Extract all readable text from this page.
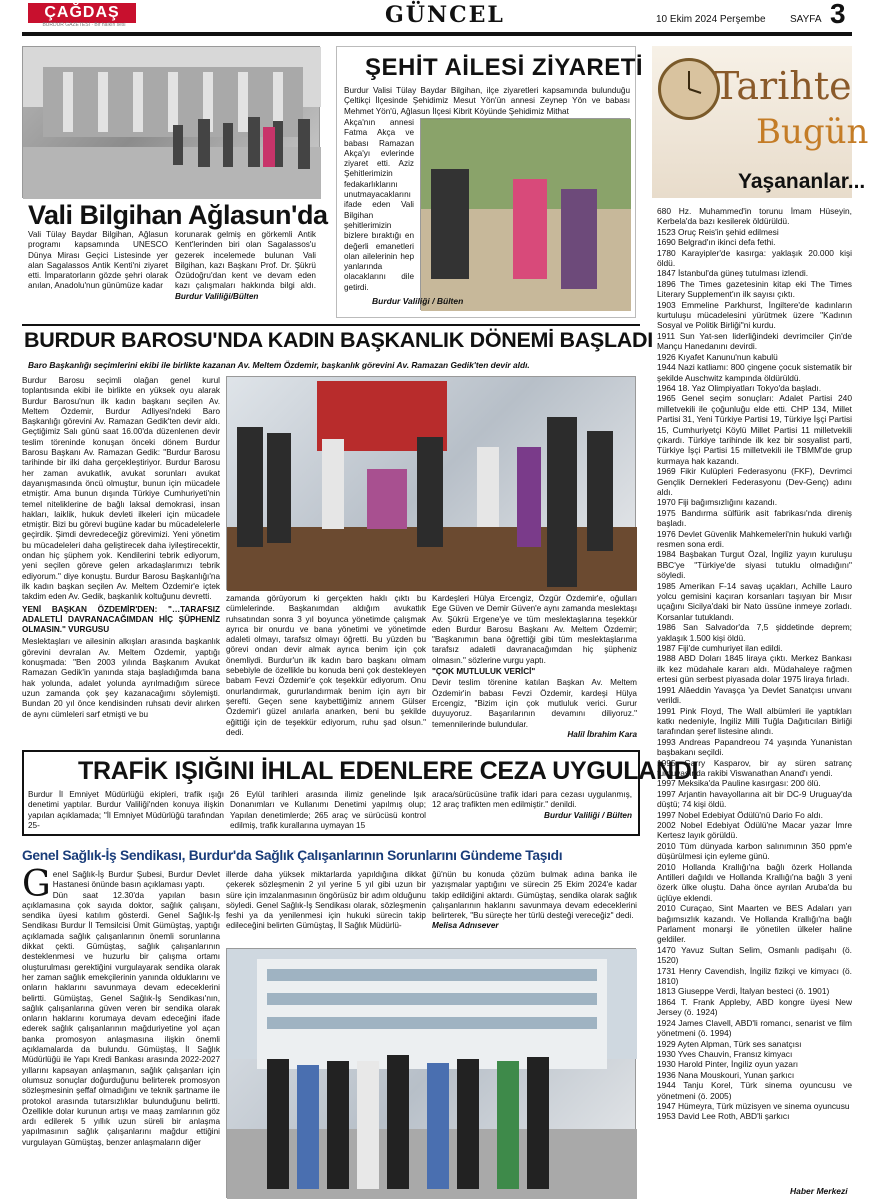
ÇAĞDAŞ
BURDUR GAZETESİ · Bir halkın sesi	GÜNCEL	10 Ekim 2024 Perşembe SAYFA 3
Vali Bilgihan Ağlasun'da
Vali Tülay Baydar Bilgihan, Ağlasun programı kapsamında UNESCO Dünya Mirası Geçici Listesinde yer alan Sagalassos Antik Kenti'ni ziyaret etti. İmparatorların gözde şehri olarak anılan, Anadolu'nun günümüze kadar
korunarak gelmiş en görkemli Antik Kent'lerinden biri olan Sagalassos'u gezerek incelemede bulunan Vali Bilgihan, kazı Başkanı Prof. Dr. Şükrü Özüdoğru'dan kent ve devam eden kazı çalışmaları hakkında bilgi aldı. Burdur Valiliği/Bülten
ŞEHİT AİLESİ ZİYARETİ
Burdur Valisi Tülay Baydar Bilgihan, ilçe ziyaretleri kapsamında bulunduğu Çeltikçi İlçesinde Şehidimiz Mesut Yön'ün annesi Zeynep Yön ve babası Mehmet Yön'ü, Ağlasun İlçesi Kibrit Köyünde Şehidimiz Mithat
Akça'nın annesi Fatma Akça ve babası Ramazan Akça'yı evlerinde ziyaret etti. Aziz Şehitlerimizin fedakarlıklarını unutmayacaklarını ifade eden Vali Bilgihan şehitlerimizin bizlere bıraktığı en değerli emanetleri olan ailelerinin hep yanlarında olacaklarını dile getirdi.
Burdur Valiliği / Bülten
Tarihte
Bugün
Yaşananlar...
680 Hz. Muhammed'in torunu İmam Hüseyin, Kerbela'da bazı kesilerek öldürüldü.
1523 Oruç Reis'in şehid edilmesi
1690 Belgrad'ın ikinci defa fethi.
1780 Karayipler'de kasırga: yaklaşık 20.000 kişi öldü.
1847 İstanbul'da güneş tutulması izlendi.
1896 The Times gazetesinin kitap eki The Times Literary Supplement'ın ilk sayısı çıktı.
1903 Emmeline Parkhurst, İngiltere'de kadınların kurtuluşu mücadelesini yürütmek üzere "Kadının Sosyal ve Politik Birliği"ni kurdu.
1911 Sun Yat-sen liderliğindeki devrimciler Çin'de Mançu Hanedanını devirdi.
1926 Kıyafet Kanunu'nun kabulü
1944 Nazi katliamı: 800 çingene çocuk sistematik bir şekilde Auschwitz kampında öldürüldü.
1964 18. Yaz Olimpiyatları Tokyo'da başladı.
1965 Genel seçim sonuçları: Adalet Partisi 240 milletvekili ile çoğunluğu elde etti. CHP 134, Millet Partisi 31, Yeni Türkiye Partisi 19, Türkiye İşçi Partisi 15, Cumhuriyetçi Köylü Millet Partisi 11 milletvekili çıkardı. Türkiye tarihinde ilk kez bir sosyalist parti, Türkiye İşçi Partisi 15 milletvekili ile TBMM'de grup kurmaya hak kazandı.
1969 Fikir Kulüpleri Federasyonu (FKF), Devrimci Gençlik Dernekleri Federasyonu (Dev-Genç) adını aldı.
1970 Fiji bağımsızlığını kazandı.
1975 Bandırma sülfürik asit fabrikası'nda direniş başladı.
1976 Devlet Güvenlik Mahkemeleri'nin hukuki varlığı resmen sona erdi.
1984 Başbakan Turgut Özal, İngiliz yayın kuruluşu BBC'ye "Türkiye'de siyasi tutuklu olmadığını" söyledi.
1985 Amerikan F-14 savaş uçakları, Achille Lauro yolcu gemisini kaçıran korsanları taşıyan bir Mısır uçağını Sicilya'daki bir Nato üssüne inmeye zorladı. Korsanlar tutuklandı.
1986 San Salvador'da 7,5 şiddetinde deprem; yaklaşık 1.500 kişi öldü.
1987 Fiji'de cumhuriyet ilan edildi.
1988 ABD Doları 1845 liraya çıktı. Merkez Bankası ilk kez müdahale kararı aldı. Müdahaleye rağmen ertesi gün serbest piyasada dolar 1975 liraya fırladı.
1991 Alâeddin Yavaşça 'ya Devlet Sanatçısı unvanı verildi.
1991 Pink Floyd, The Wall albümleri ile yaptıkları katkı nedeniyle, İngiliz Milli Tuğla Dağıtıcıları Birliği tarafından şeref listesine alındı.
1993 Andreas Papandreou 74 yaşında Yunanistan başbakanı seçildi.
1995 Garry Kasparov, bir ay süren satranç turnuvasında rakibi Viswanathan Anand'ı yendi.
1997 Meksika'da Pauline kasırgası: 200 ölü.
1997 Arjantin havayollarına ait bir DC-9 Uruguay'da düştü; 74 kişi öldü.
1997 Nobel Edebiyat Ödülü'nü Dario Fo aldı.
2002 Nobel Edebiyat Ödülü'ne Macar yazar İmre Kertesz layık görüldü.
2010 Tüm dünyada karbon salınımının 350 ppm'e düşürülmesi için eyleme günü.
2010 Hollanda Krallığı'na bağlı özerk Hollanda Antilleri dağıldı ve Hollanda Krallığı'na bağlı 3 yeni özerk ülke oluştu. Daha önce ayrılan Aruba'da bu üçlüye eklendi.
2010 Curaçao, Sint Maarten ve BES Adaları yarı bağımsızlık kazandı. Ve Hollanda Krallığı'na bağlı Parlament monarşi ile yönetilen ülkeler haline geldiler.
1470 Yavuz Sultan Selim, Osmanlı padişahı (ö. 1520)
1731 Henry Cavendish, İngiliz fizikçi ve kimyacı (ö. 1810)
1813 Giuseppe Verdi, İtalyan besteci (ö. 1901)
1864 T. Frank Appleby, ABD kongre üyesi New Jersey (ö. 1924)
1924 James Clavell, ABD'li romancı, senarist ve film yönetmeni (ö. 1994)
1929 Ayten Alpman, Türk ses sanatçısı
1930 Yves Chauvin, Fransız kimyacı
1930 Harold Pinter, İngiliz oyun yazarı
1936 Nana Mouskouri, Yunan şarkıcı
1944 Tanju Korel, Türk sinema oyuncusu ve yönetmeni (ö. 2005)
1947 Hümeyra, Türk müzisyen ve sinema oyuncusu
1953 David Lee Roth, ABD'li şarkıcı
Haber Merkezi
BURDUR BAROSU'NDA KADIN BAŞKANLIK DÖNEMİ BAŞLADI
Baro Başkanlığı seçimlerini ekibi ile birlikte kazanan Av. Meltem Özdemir, başkanlık görevini Av. Ramazan Gedik'ten devir aldı.

Burdur Barosu seçimli olağan genel kurul toplantısında ekibi ile birlikte en yüksek oyu alarak Burdur Barosu'nun ilk kadın başkanı seçilen Av. Meltem Özdemir, Burdur Adliyesi'ndeki Baro Başkanlığı görevini Av. Ramazan Gedik'ten devir aldı. Geçtiğimiz Salı günü saat 16.00'da düzenlenen devir teslim töreninde konuşan önceki dönem Burdur Barosu Başkanı Av. Ramazan Gedik: "Burdur Barosu tarihinde bir ilki daha gerçekleştiriyor. Burdur Barosu her zaman avukatlık, avukat sorunları avukat dayanışmasında öncü olmuştur, bunun için mücadele etmiştir. Ama bunun dışında Türkiye Cumhuriyeti'nin temel niteliklerine de bağlı laksal demokrasi, insan hakları, laiklik, hukuk devleti ilkeleri için mücadele etmiştir. Bizi bu görevi bugüne kadar bu mücadelelerle geçirdik. Şimdi devredeceğiz görevimizi. Yeni yönetim bu mücadeleleri daha geliştirecek daha iyileştirecektir, ondan hiç şüphem yok. Kendilerini tebrik ediyorum, yeni seçilen göreve gelen arkadaşlarımızı tebrik ediyorum." diye konuştu. Burdur Barosu Başkanlığı'na ilk kadın başkan seçilen Av. Meltem Özdemir'e içtek takdim eden Av. Gedik, başkanlık koltuğunu devretti.

YENİ BAŞKAN ÖZDEMİR'DEN: "…TARAFSIZ ADALETLİ DAVRANACAĞIMDAN HİÇ ŞÜPHENİZ OLMASIN." VURGUSU

Meslektaşları ve ailesinin alkışları arasında başkanlık görevini devralan Av. Meltem Özdemir, yaptığı konuşmada: "Ben 2003 yılında Başkanım Avukat Ramazan Gedik'in yanında staja başladığımda bana hak yolunda, adalet yolunda ayrılmadığım sürece uzun zamanda çok şey kazanacağımı söylemişti. Bundan 20 yıl önce kendisinden ruhsatı devir alırken de aynı cümleleri sarf etmişti ve bu

zamanda görüyorum ki gerçekten haklı çıktı bu cümlelerinde. Başkanımdan aldığım avukatlık ruhsatından sonra 3 yıl boyunca yönetimde çalışmak ayrıca bir onurdu ve bana yönetimi ve yönetimde adaleti olmayı, tarafsız olmayı öğretti. Bu yüzden bu görevi ondan devir almak ayrıca benim için çok önemliydi. Burdur'un ilk kadın baro başkanı olmam sebebiyle de özellikle bu konuda beni çok destekleyen babam Fevzi Özdemir'e çok teşekkür ediyorum. Onu onurlandırmak, gururlandırmak benim için ayrı bir şerefti. Geçen sene kaybettiğimiz annem Gülser Özdemir'i güzel anılarla anarken, beni bu şekilde eğittiği için de teşekkür ediyorum, ruhu şad olsun." dedi.

Kardeşleri Hülya Ercengiz, Özgür Özdemir'e, oğulları Ege Güven ve Demir Güven'e aynı zamanda meslektaşı Av. Şükrü Ergene'ye ve tüm meslektaşlarına teşekkür eden Burdur Barosu Başkanı Av. Meltem Özdemir; "Başkanımın bana öğrettiği gibi tüm meslektaşlarıma tarafsız adaletli davranacağımdan hiç şüpheniz olmasın." sözlerine vurgu yaptı.

"ÇOK MUTLULUK VERİCİ"

Devir teslim törenine katılan Başkan Av. Meltem Özdemir'in babası Fevzi Özdemir, kardeşi Hülya Ercengiz, "Bizim için çok mutluluk verici. Gurur duyuyoruz. Başarılarının devamını diliyoruz." temennilerinde bulundular.

Halil İbrahim Kara

TRAFİK IŞIĞINI İHLAL EDENLERE CEZA UYGULANDI
Burdur İl Emniyet Müdürlüğü ekipleri, trafik ışığı denetimi yaptılar. Burdur Valiliği'nden konuya ilişkin yapılan açıklamada; "İl Emniyet Müdürlüğü tarafından 25-
26 Eylül tarihleri arasında ilimiz genelinde Işık Donanımları ve Kullanımı Denetimi yapılmış olup; Yapılan denetimlerde; 265 araç ve sürücüsü kontrol edilmiş, trafik kurallarına uymayan 15

araca/sürücüsüne trafik idari para cezası uygulanmış, 12 araç trafikten men edilmiştir." denildi.

Burdur Valiliği / Bülten

Genel Sağlık-İş Sendikası, Burdur'da Sağlık Çalışanlarının Sorunlarını Gündeme Taşıdı

Genel Sağlık-İş Burdur Şubesi, Burdur Devlet Hastanesi önünde basın açıklaması yaptı.

Dün saat 12.30'da yapılan basın açıklamasına çok sayıda doktor, sağlık çalışanı, sendika üyesi katılım gösterdi. Genel Sağlık-İş Sendikası Burdur İl Temsilcisi Ümit Gümüştaş, yaptığı açıklamada sağlık çalışanlarının önemli sorunlarına dikkat çekti. Gümüştaş, sağlık çalışanlarının desteklenmesi ve huzurlu bir çalışma ortamı oluşturulması gerektiğini vurgulayarak sendika olarak her zaman sağlık emekçilerinin yanında olduklarını ve onların haklarını savunmaya devam edeceklerini belirtti. Gümüştaş, Genel Sağlık-İş Sendikası'nın, sağlık çalışanlarına güven veren bir sendika olarak onların haklarını korumaya devam edeceğini ifade ederek sağlık çalışanlarının mağduriyetine yol açan banka promosyon anlaşmasına ilişkin önemli açıklamalarda da bulundu. Gümüştaş, İl Sağlık Müdürlüğü ile Yapı Kredi Bankası arasında 2022-2027 yıllarını kapsayan anlaşmanın, sağlık çalışanları için olumsuz sonuçlar doğurduğunu belirterek promosyon sözleşmesinin şeffaf olmadığını ve teknik şartname ile protokol arasında tutarsızlıklar bulunduğunu belirtti. Özellikle dolar kurunun artışı ve maaş zamlarının göz ardı edilerek 5 yıllık uzun süreli bir anlaşma yapılmasının sağlık çalışanlarını mağdur ettiğini vurgulayan Gümüştaş, benzer anlaşmaların diğer

illerde daha yüksek miktarlarda yapıldığına dikkat çekerek sözleşmenin 2 yıl yerine 5 yıl gibi uzun bir süre için imzalanmasının öngörüsüz bir adım olduğunu söyledi. Genel Sağlık-İş Sendikası olarak, sözleşmenin feshi ya da yenilenmesi için hukuki sürecin takip edileceğini belirten Gümüştaş, İl Sağlık Müdürlü-

ğü'nün bu konuda çözüm bulmak adına banka ile yazışmalar yaptığını ve sürecin 25 Ekim 2024'e kadar takip edildiğini aktardı. Gümüştaş, sendika olarak sağlık çalışanlarının haklarını savunmaya devam edeceklerini belirterek, "Bu süreçte her türlü desteği vereceğiz" dedi.

Melisa Adnısever
